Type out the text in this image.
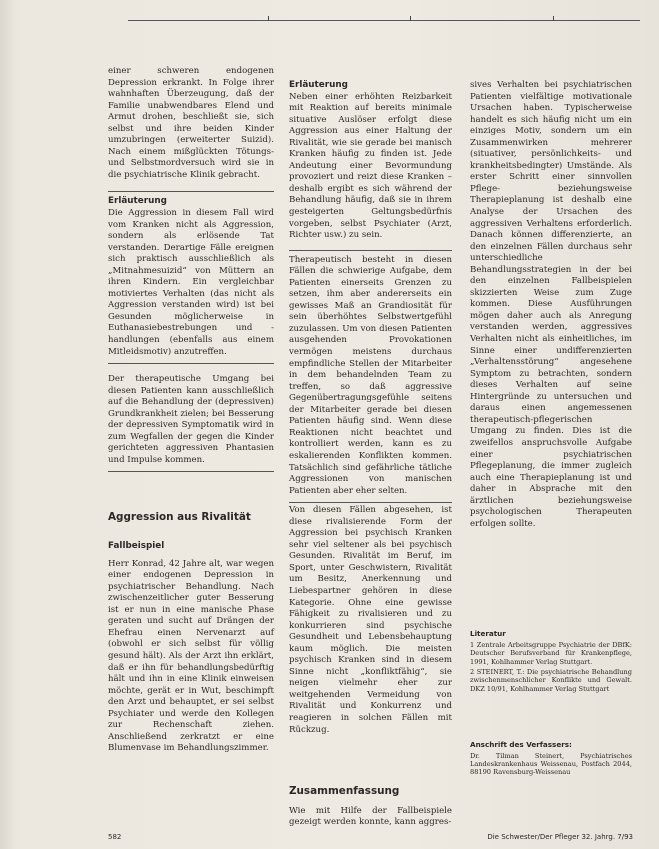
einer schweren endogenen Depression erkrankt. In Folge ihrer wahnhaften Überzeugung, daß der Familie unabwendbares Elend und Armut drohen, beschließt sie, sich selbst und ihre beiden Kinder umzubringen (erweiterter Suizid). Nach einem mißglückten Tötungs- und Selbstmordversuch wird sie in die psychiatrische Klinik gebracht.

Erläuterung

Die Aggression in diesem Fall wird vom Kranken nicht als Aggression, sondern als erlösende Tat verstanden. Derartige Fälle ereignen sich praktisch ausschließlich als „Mitnahmesuizid“ von Müttern an ihren Kindern. Ein vergleichbar motiviertes Verhalten (das nicht als Aggression verstanden wird) ist bei Gesunden möglicherweise in Euthanasiebestrebungen und -handlungen (ebenfalls aus einem Mitleidsmotiv) anzutreffen.

Der therapeutische Umgang bei diesen Patienten kann ausschließlich auf die Behandlung der (depressiven) Grundkrankheit zielen; bei Besserung der depressiven Symptomatik wird in zum Wegfallen der gegen die Kinder gerichteten aggressiven Phantasien und Impulse kommen.

Aggression aus Rivalität

Fallbeispiel

Herr Konrad, 42 Jahre alt, war wegen einer endogenen Depression in psychiatrischer Behandlung. Nach zwischenzeitlicher guter Besserung ist er nun in eine manische Phase geraten und sucht auf Drängen der Ehefrau einen Nervenarzt auf (obwohl er sich selbst für völlig gesund hält). Als der Arzt ihn erklärt, daß er ihn für behandlungsbedürftig hält und ihn in eine Klinik einweisen möchte, gerät er in Wut, beschimpft den Arzt und behauptet, er sei selbst Psychiater und werde den Kollegen zur Rechenschaft ziehen. Anschließend zerkratzt er eine Blumenvase im Behandlungszimmer.

Erläuterung

Neben einer erhöhten Reizbarkeit mit Reaktion auf bereits minimale situative Auslöser erfolgt diese Aggression aus einer Haltung der Rivalität, wie sie gerade bei manisch Kranken häufig zu finden ist. Jede Andeutung einer Bevormundung provoziert und reizt diese Kranken – deshalb ergibt es sich während der Behandlung häufig, daß sie in ihrem gesteigerten Geltungsbedürfnis vorgeben, selbst Psychiater (Arzt, Richter usw.) zu sein.

Therapeutisch besteht in diesen Fällen die schwierige Aufgabe, dem Patienten einerseits Grenzen zu setzen, ihm aber andererseits ein gewisses Maß an Grandiosität für sein überhöhtes Selbstwertgefühl zuzulassen. Um von diesen Patienten ausgehenden Provokationen vermögen meistens durchaus empfindliche Stellen der Mitarbeiter in dem behandelnden Team zu treffen, so daß aggressive Gegenübertragungsgefühle seitens der Mitarbeiter gerade bei diesen Patienten häufig sind. Wenn diese Reaktionen nicht beachtet und kontrolliert werden, kann es zu eskalierenden Konflikten kommen. Tatsächlich sind gefährliche tätliche Aggressionen von manischen Patienten aber eher selten.

Von diesen Fällen abgesehen, ist diese rivalisierende Form der Aggression bei psychisch Kranken sehr viel seltener als bei psychisch Gesunden. Rivalität im Beruf, im Sport, unter Geschwistern, Rivalität um Besitz, Anerkennung und Liebespartner gehören in diese Kategorie. Ohne eine gewisse Fähigkeit zu rivalisieren und zu konkurrieren sind psychische Gesundheit und Lebensbehauptung kaum möglich. Die meisten psychisch Kranken sind in diesem Sinne nicht „konfliktfähig“, sie neigen vielmehr eher zur weitgehenden Vermeidung von Rivalität und Konkurrenz und reagieren in solchen Fällen mit Rückzug.

Zusammenfassung

Wie mit Hilfe der Fallbeispiele gezeigt werden konnte, kann aggres-

sives Verhalten bei psychiatrischen Patienten vielfältige motivationale Ursachen haben. Typischerweise handelt es sich häufig nicht um ein einziges Motiv, sondern um ein Zusammenwirken mehrerer (situativer, persönlichkeits- und krankheitsbedingter) Umstände. Als erster Schritt einer sinnvollen Pflege- beziehungsweise Therapieplanung ist deshalb eine Analyse der Ursachen des aggressiven Verhaltens erforderlich. Danach können differenzierte, an den einzelnen Fällen durchaus sehr unterschiedliche Behandlungsstrategien in der bei den einzelnen Fallbeispielen skizzierten Weise zum Zuge kommen. Diese Ausführungen mögen daher auch als Anregung verstanden werden, aggressives Verhalten nicht als einheitliches, im Sinne einer undifferenzierten „Verhaltensstörung“ angesehene Symptom zu betrachten, sondern dieses Verhalten auf seine Hintergründe zu untersuchen und daraus einen angemessenen therapeutisch-pflegerischen Umgang zu finden. Dies ist die zweifellos anspruchsvolle Aufgabe einer psychiatrischen Pflegeplanung, die immer zugleich auch eine Therapieplanung ist und daher in Absprache mit den ärztlichen beziehungsweise psychologischen Therapeuten erfolgen sollte.

Literatur

1 Zentrale Arbeitsgruppe Psychiatrie der DBfK: Deutscher Berufsverband für Krankenpflege, 1991, Kohlhammer Verlag Stuttgart.

2 STEINERT, T.: Die psychiatrische Behandlung zwischenmenschlicher Konflikte und Gewalt. DKZ 10/91, Kohlhammer Verlag Stuttgart

Anschrift des Verfassers:

Dr. Tilman Steinert, Psychiatrisches Landeskrankenhaus Weissenau, Postfach 2044, 88190 Ravensburg-Weissenau

582	Die Schwester/Der Pfleger 32. Jahrg. 7/93
